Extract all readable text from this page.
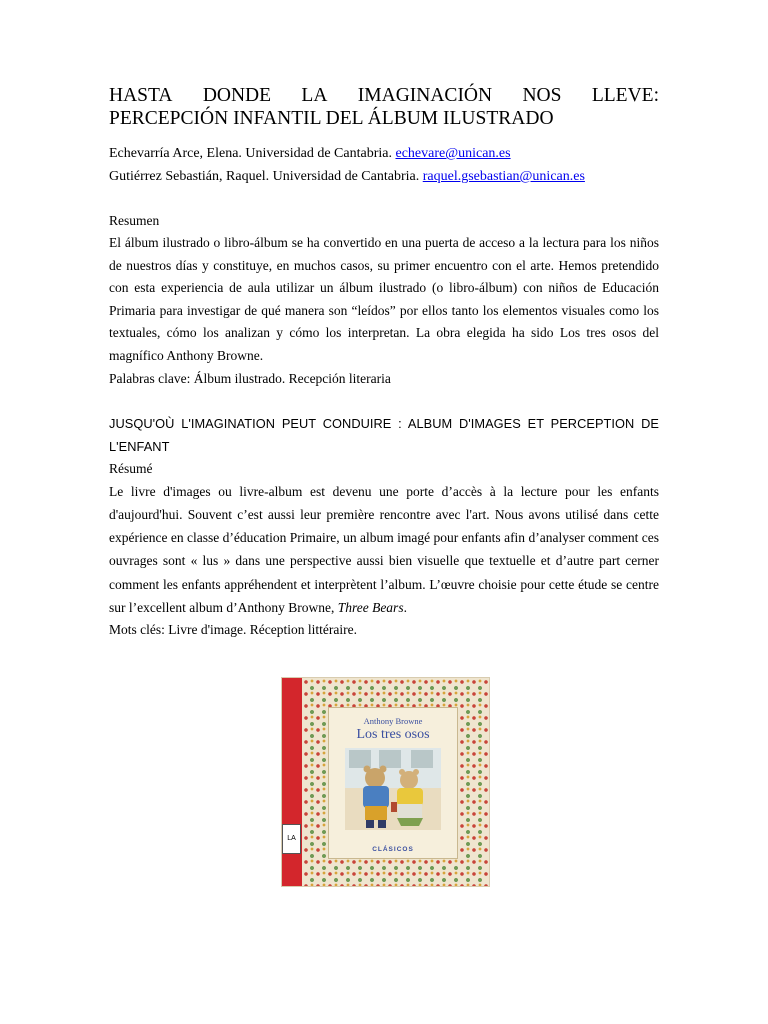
HASTA DONDE LA IMAGINACIÓN NOS LLEVE:
PERCEPCIÓN INFANTIL DEL ÁLBUM ILUSTRADO
Echevarría Arce, Elena. Universidad de Cantabria. echevare@unican.es
Gutiérrez Sebastián, Raquel. Universidad de Cantabria. raquel.gsebastian@unican.es
Resumen

El álbum ilustrado o libro-álbum se ha convertido en una puerta de acceso a la lectura para los niños de nuestros días y constituye, en muchos casos, su primer encuentro con el arte. Hemos pretendido con esta experiencia de aula utilizar un álbum ilustrado (o libro-álbum) con niños de Educación Primaria para investigar de qué manera son “leídos” por ellos tanto los elementos visuales como los textuales, cómo los analizan y cómo los interpretan. La obra elegida ha sido Los tres osos del magnífico Anthony Browne.

Palabras clave: Álbum ilustrado. Recepción literaria

JUSQU'OÙ L'IMAGINATION PEUT CONDUIRE : ALBUM D'IMAGES ET PERCEPTION DE L'ENFANT
Résumé

Le livre d'images ou livre-album est devenu une porte d’accès à la lecture pour les enfants d'aujourd'hui. Souvent c’est aussi leur première rencontre avec l'art. Nous avons utilisé dans cette expérience en classe d’éducation Primaire, un album imagé pour enfants afin d’analyser comment ces ouvrages sont « lus » dans une perspective aussi bien visuelle que textuelle et d’autre part cerner comment les enfants appréhendent et interprètent l’album. L’œuvre choisie pour cette étude se centre sur l’excellent album d’Anthony Browne, Three Bears.

Mots clés: Livre d'image. Réception littéraire.

LA
Anthony Browne
Los tres osos
CLÁSICOS
